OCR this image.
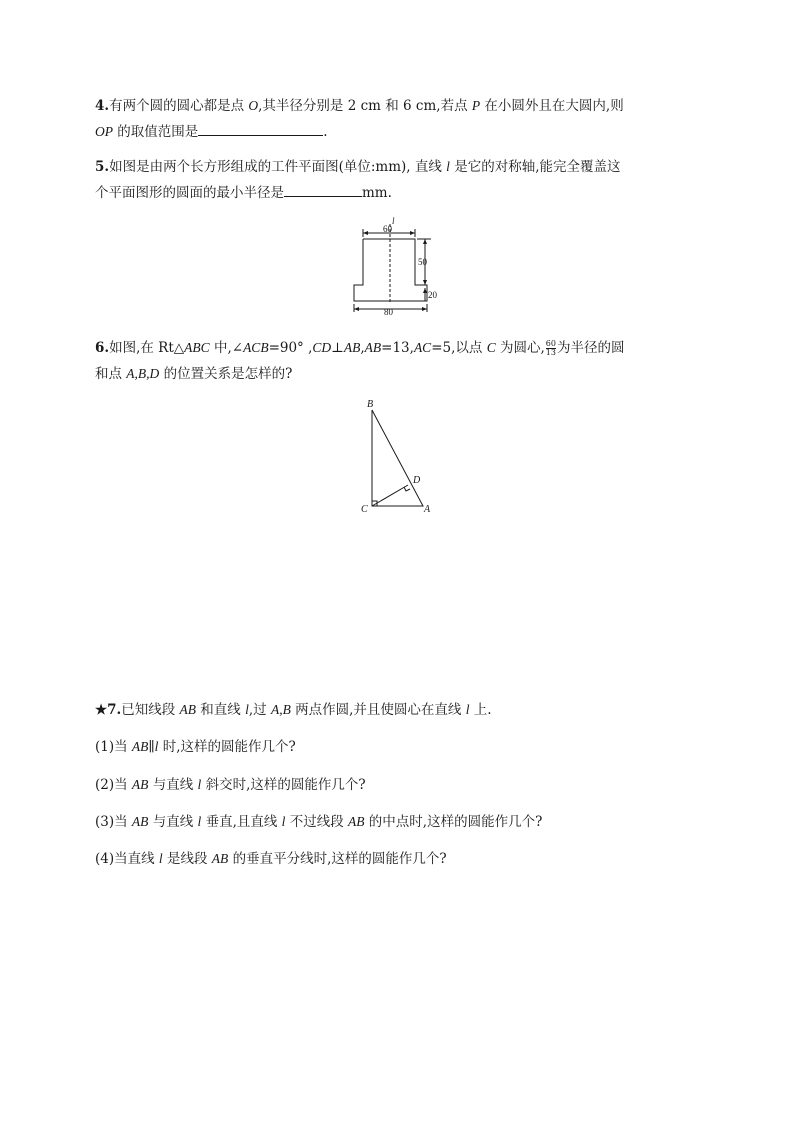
4.有两个圆的圆心都是点 O,其半径分别是 2 cm 和 6 cm,若点 P 在小圆外且在大圆内,则
OP 的取值范围是	.
5.如图是由两个长方形组成的工件平面图(单位:mm), 直线 l 是它的对称轴,能完全覆盖这
个平面图形的圆面的最小半径是	mm.
l
60
50
20
80
6.如图,在 Rt△ABC 中,∠ACB=90° ,CD⊥AB,AB=13,AC=5,以点 C 为圆心, $\frac{60}{13}$ 为半径的圆
和点 A,B,D 的位置关系是怎样的?
B
C	A
D
★7.已知线段 AB 和直线 l,过 A,B 两点作圆,并且使圆心在直线 l 上.
(1)当 AB∥l 时,这样的圆能作几个?
(2)当 AB 与直线 l 斜交时,这样的圆能作几个?
(3)当 AB 与直线 l 垂直,且直线 l 不过线段 AB 的中点时,这样的圆能作几个?
(4)当直线 l 是线段 AB 的垂直平分线时,这样的圆能作几个?
